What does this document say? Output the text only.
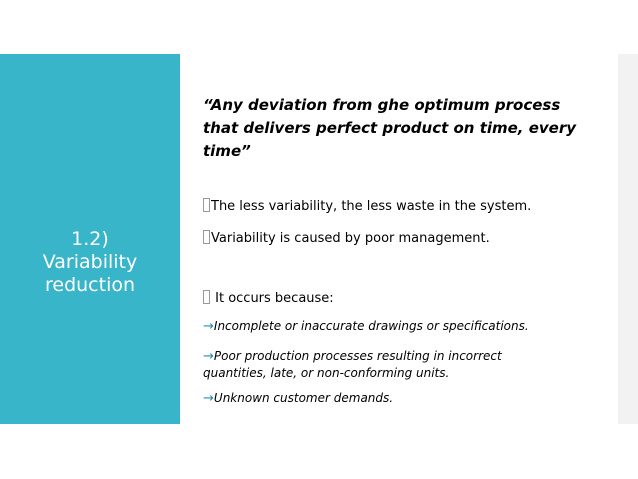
1.2)
Variability
reduction

“Any deviation from ghe optimum process that delivers perfect product on time, every time”

The less variability, the less waste in the system.
Variability is caused by poor management.
It occurs because:
→Incomplete or inaccurate drawings or specifications.
→Poor production processes resulting in incorrect quantities, late, or non-conforming units.
→Unknown customer demands.
